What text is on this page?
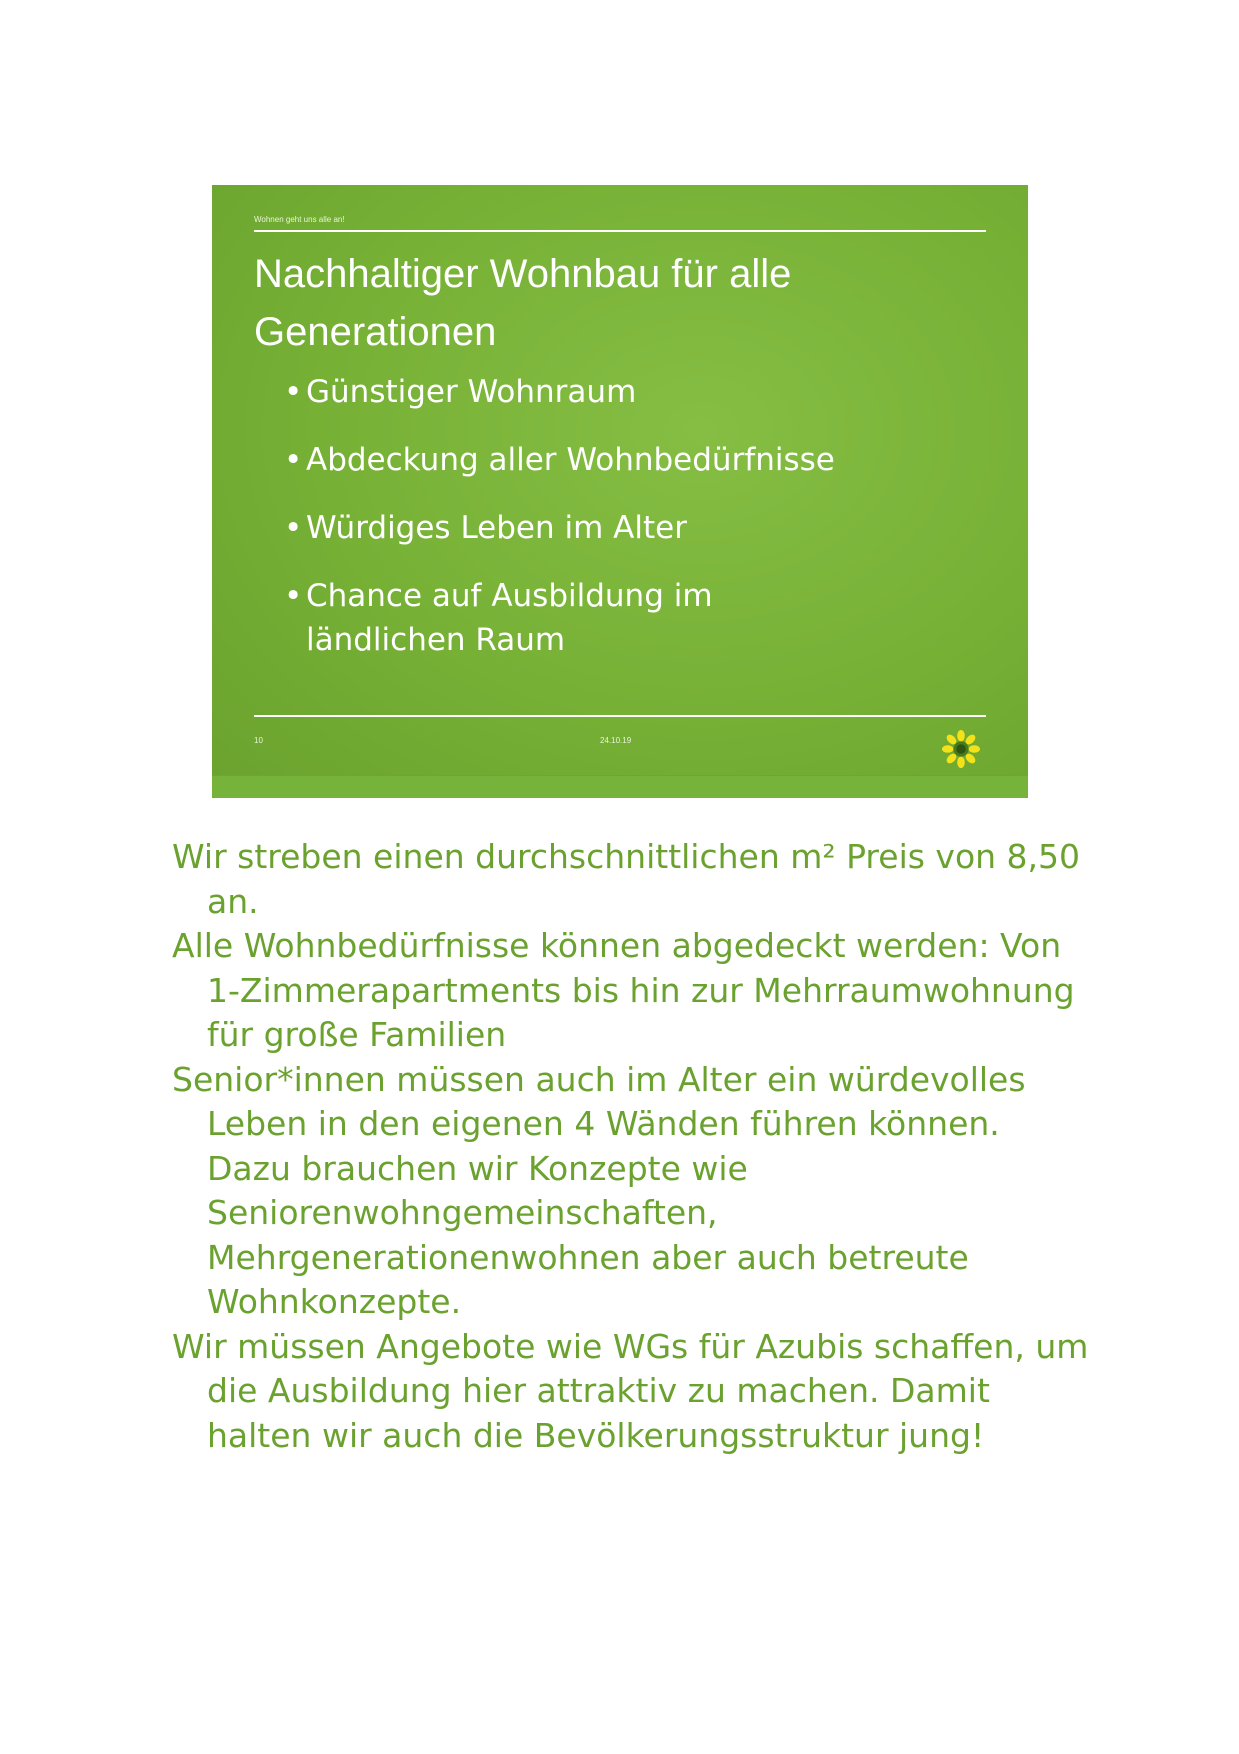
Wohnen geht uns alle an!
Nachhaltiger Wohnbau für alle
Generationen
• Günstiger Wohnraum
• Abdeckung aller Wohnbedürfnisse
• Würdiges Leben im Alter
• Chance auf Ausbildung im
ländlichen Raum
10	24.10.19

Wir streben einen durchschnittlichen m² Preis von 8,50 an.

Alle Wohnbedürfnisse können abgedeckt werden: Von 1-Zimmerapartments bis hin zur Mehrraumwohnung für große Familien

Senior*innen müssen auch im Alter ein würdevolles Leben in den eigenen 4 Wänden führen können. Dazu brauchen wir Konzepte wie Seniorenwohngemeinschaften, Mehrgenerationenwohnen aber auch betreute Wohnkonzepte.

Wir müssen Angebote wie WGs für Azubis schaffen, um die Ausbildung hier attraktiv zu machen. Damit halten wir auch die Bevölkerungsstruktur jung!
